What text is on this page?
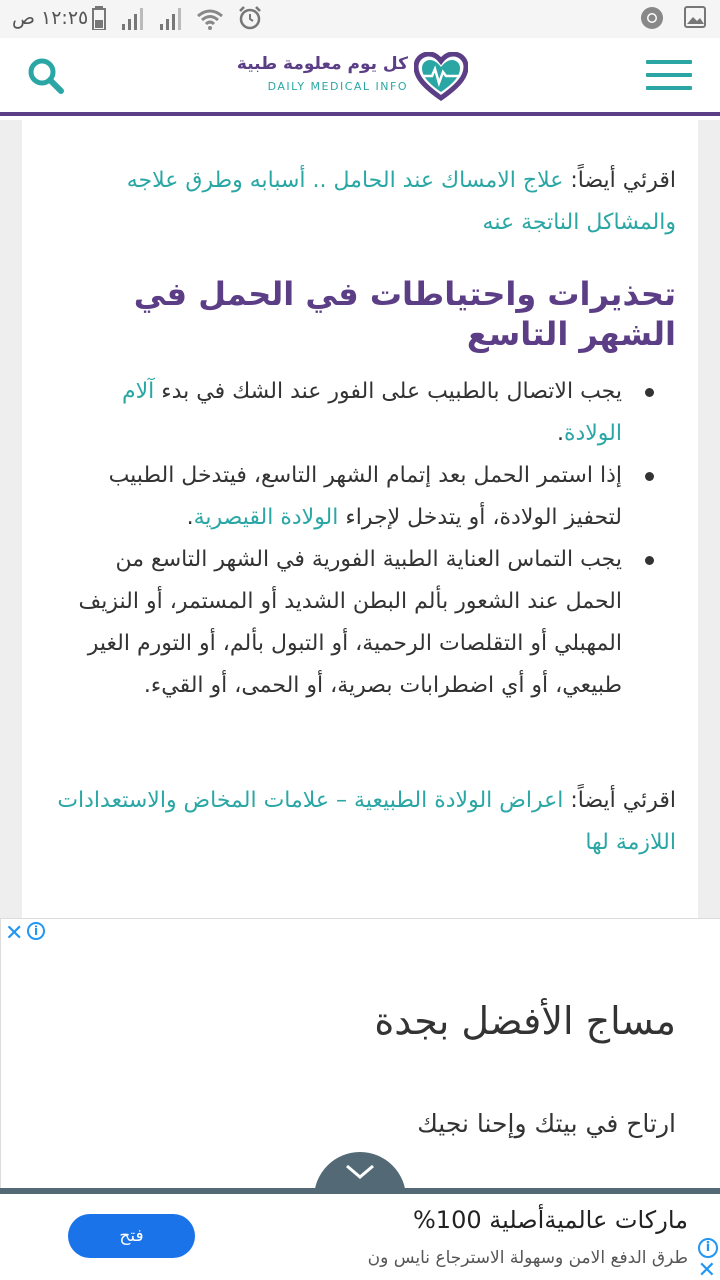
١٢:٢٥ ص
كل يوم معلومة طبية
DAILY MEDICAL INFO

اقرئي أيضاً: علاج الامساك عند الحامل .. أسبابه وطرق علاجه والمشاكل الناتجة عنه
تحذيرات واحتياطات في الحمل في الشهر التاسع
يجب الاتصال بالطبيب على الفور عند الشك في بدء آلام الولادة.
إذا استمر الحمل بعد إتمام الشهر التاسع، فيتدخل الطبيب لتحفيز الولادة، أو يتدخل لإجراء الولادة القيصرية.
يجب التماس العناية الطبية الفورية في الشهر التاسع من الحمل عند الشعور بألم البطن الشديد أو المستمر، أو النزيف المهبلي أو التقلصات الرحمية، أو التبول بألم، أو التورم الغير طبيعي، أو أي اضطرابات بصرية، أو الحمى، أو القيء.
اقرئي أيضاً: اعراض الولادة الطبيعية – علامات المخاض والاستعدادات اللازمة لها
✕ i
مساج الأفضل بجدة
ارتاح في بيتك وإحنا نجيك
ماركات عالميةأصلية 100%
طرق الدفع الامن وسهولة الاسترجاع نايس ون
فتح
i
✕
